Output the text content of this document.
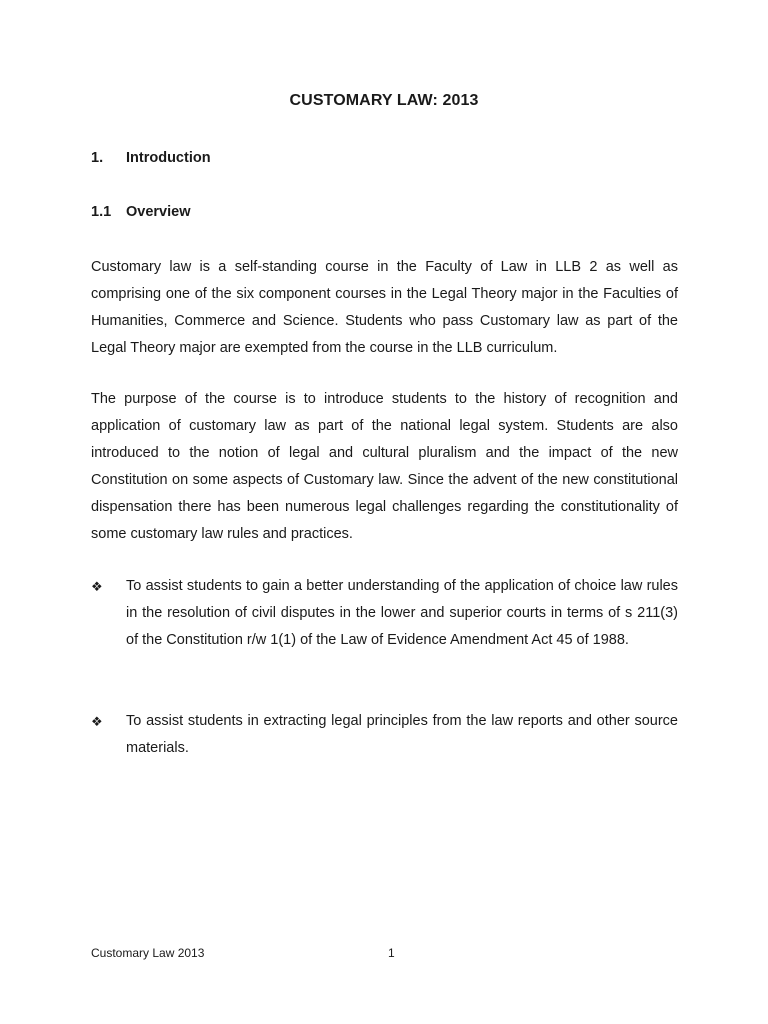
CUSTOMARY LAW: 2013
1. Introduction
1.1 Overview

Customary law is a self-standing course in the Faculty of Law in LLB 2 as well as comprising one of the six component courses in the Legal Theory major in the Faculties of Humanities, Commerce and Science. Students who pass Customary law as part of the Legal Theory major are exempted from the course in the LLB curriculum.

The purpose of the course is to introduce students to the history of recognition and application of customary law as part of the national legal system. Students are also introduced to the notion of legal and cultural pluralism and the impact of the new Constitution on some aspects of Customary law. Since the advent of the new constitutional dispensation there has been numerous legal challenges regarding the constitutionality of some customary law rules and practices.

❖	To assist students to gain a better understanding of the application of choice law rules in the resolution of civil disputes in the lower and superior courts in terms of s 211(3) of the Constitution r/w 1(1) of the Law of Evidence Amendment Act 45 of 1988.
❖	To assist students in extracting legal principles from the law reports and other source materials.
Customary Law 2013	1
